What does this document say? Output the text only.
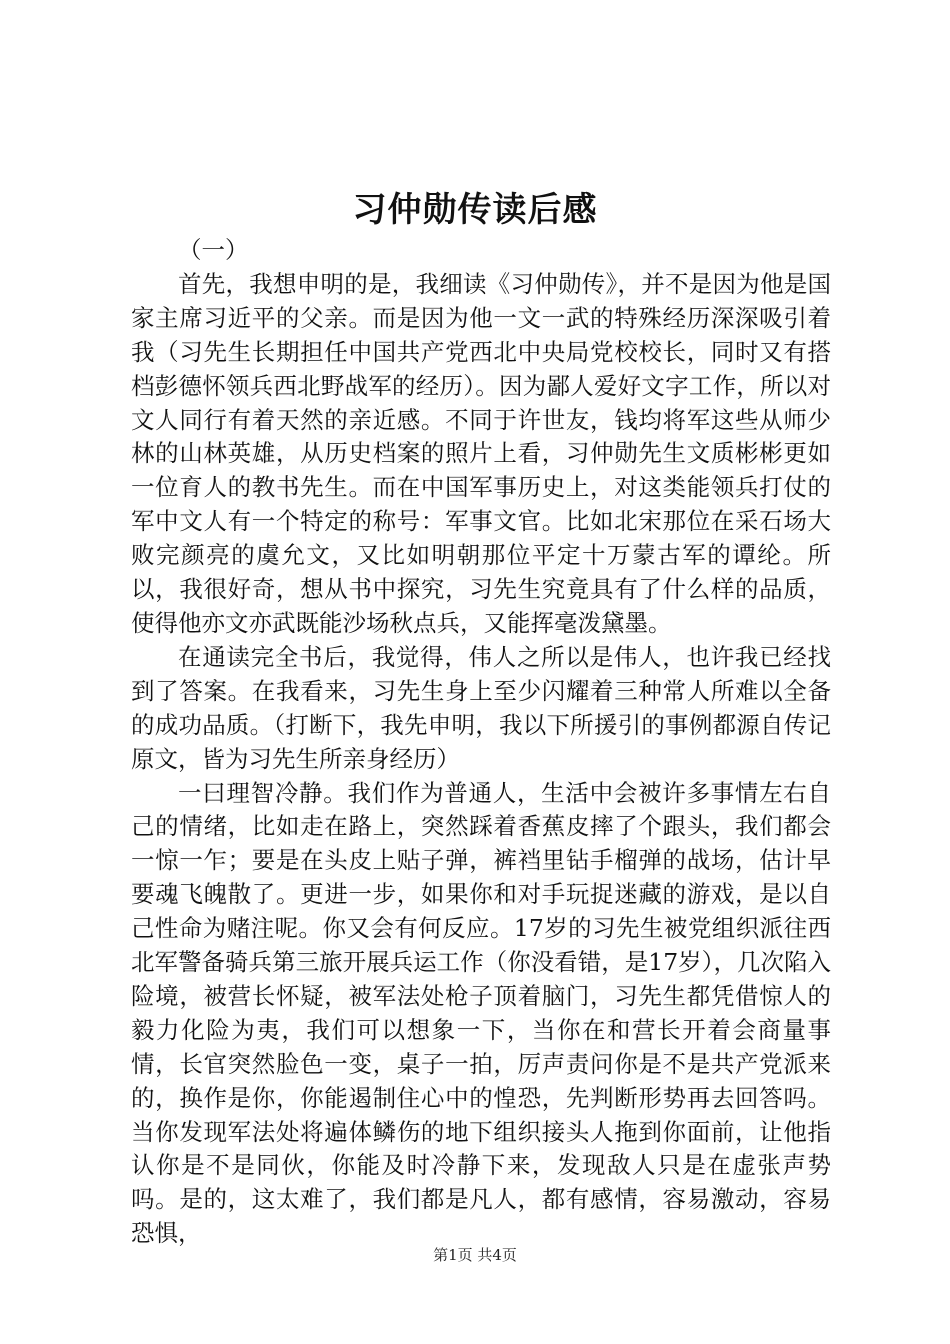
习仲勋传读后感

（一）

首先，我想申明的是，我细读《习仲勋传》，并不是因为他是国家主席习近平的父亲。而是因为他一文一武的特殊经历深深吸引着我（习先生长期担任中国共产党西北中央局党校校长，同时又有搭档彭德怀领兵西北野战军的经历）。因为鄙人爱好文字工作，所以对文人同行有着天然的亲近感。不同于许世友，钱均将军这些从师少林的山林英雄，从历史档案的照片上看，习仲勋先生文质彬彬更如一位育人的教书先生。而在中国军事历史上，对这类能领兵打仗的军中文人有一个特定的称号：军事文官。比如北宋那位在采石场大败完颜亮的虞允文，又比如明朝那位平定十万蒙古军的谭纶。所以，我很好奇，想从书中探究，习先生究竟具有了什么样的品质，使得他亦文亦武既能沙场秋点兵，又能挥毫泼黛墨。

在通读完全书后，我觉得，伟人之所以是伟人，也许我已经找到了答案。在我看来，习先生身上至少闪耀着三种常人所难以全备的成功品质。（打断下，我先申明，我以下所援引的事例都源自传记原文，皆为习先生所亲身经历）

一曰理智冷静。我们作为普通人，生活中会被许多事情左右自己的情绪，比如走在路上，突然踩着香蕉皮摔了个跟头，我们都会一惊一乍；要是在头皮上贴子弹，裤裆里钻手榴弹的战场，估计早要魂飞魄散了。更进一步，如果你和对手玩捉迷藏的游戏，是以自己性命为赌注呢。你又会有何反应。17岁的习先生被党组织派往西北军警备骑兵第三旅开展兵运工作（你没看错，是17岁），几次陷入险境，被营长怀疑，被军法处枪子顶着脑门，习先生都凭借惊人的毅力化险为夷，我们可以想象一下，当你在和营长开着会商量事情，长官突然脸色一变，桌子一拍，厉声责问你是不是共产党派来的，换作是你，你能遏制住心中的惶恐，先判断形势再去回答吗。当你发现军法处将遍体鳞伤的地下组织接头人拖到你面前，让他指认你是不是同伙，你能及时冷静下来，发现敌人只是在虚张声势吗。是的，这太难了，我们都是凡人，都有感情，容易激动，容易恐惧，

第1页 共4页
